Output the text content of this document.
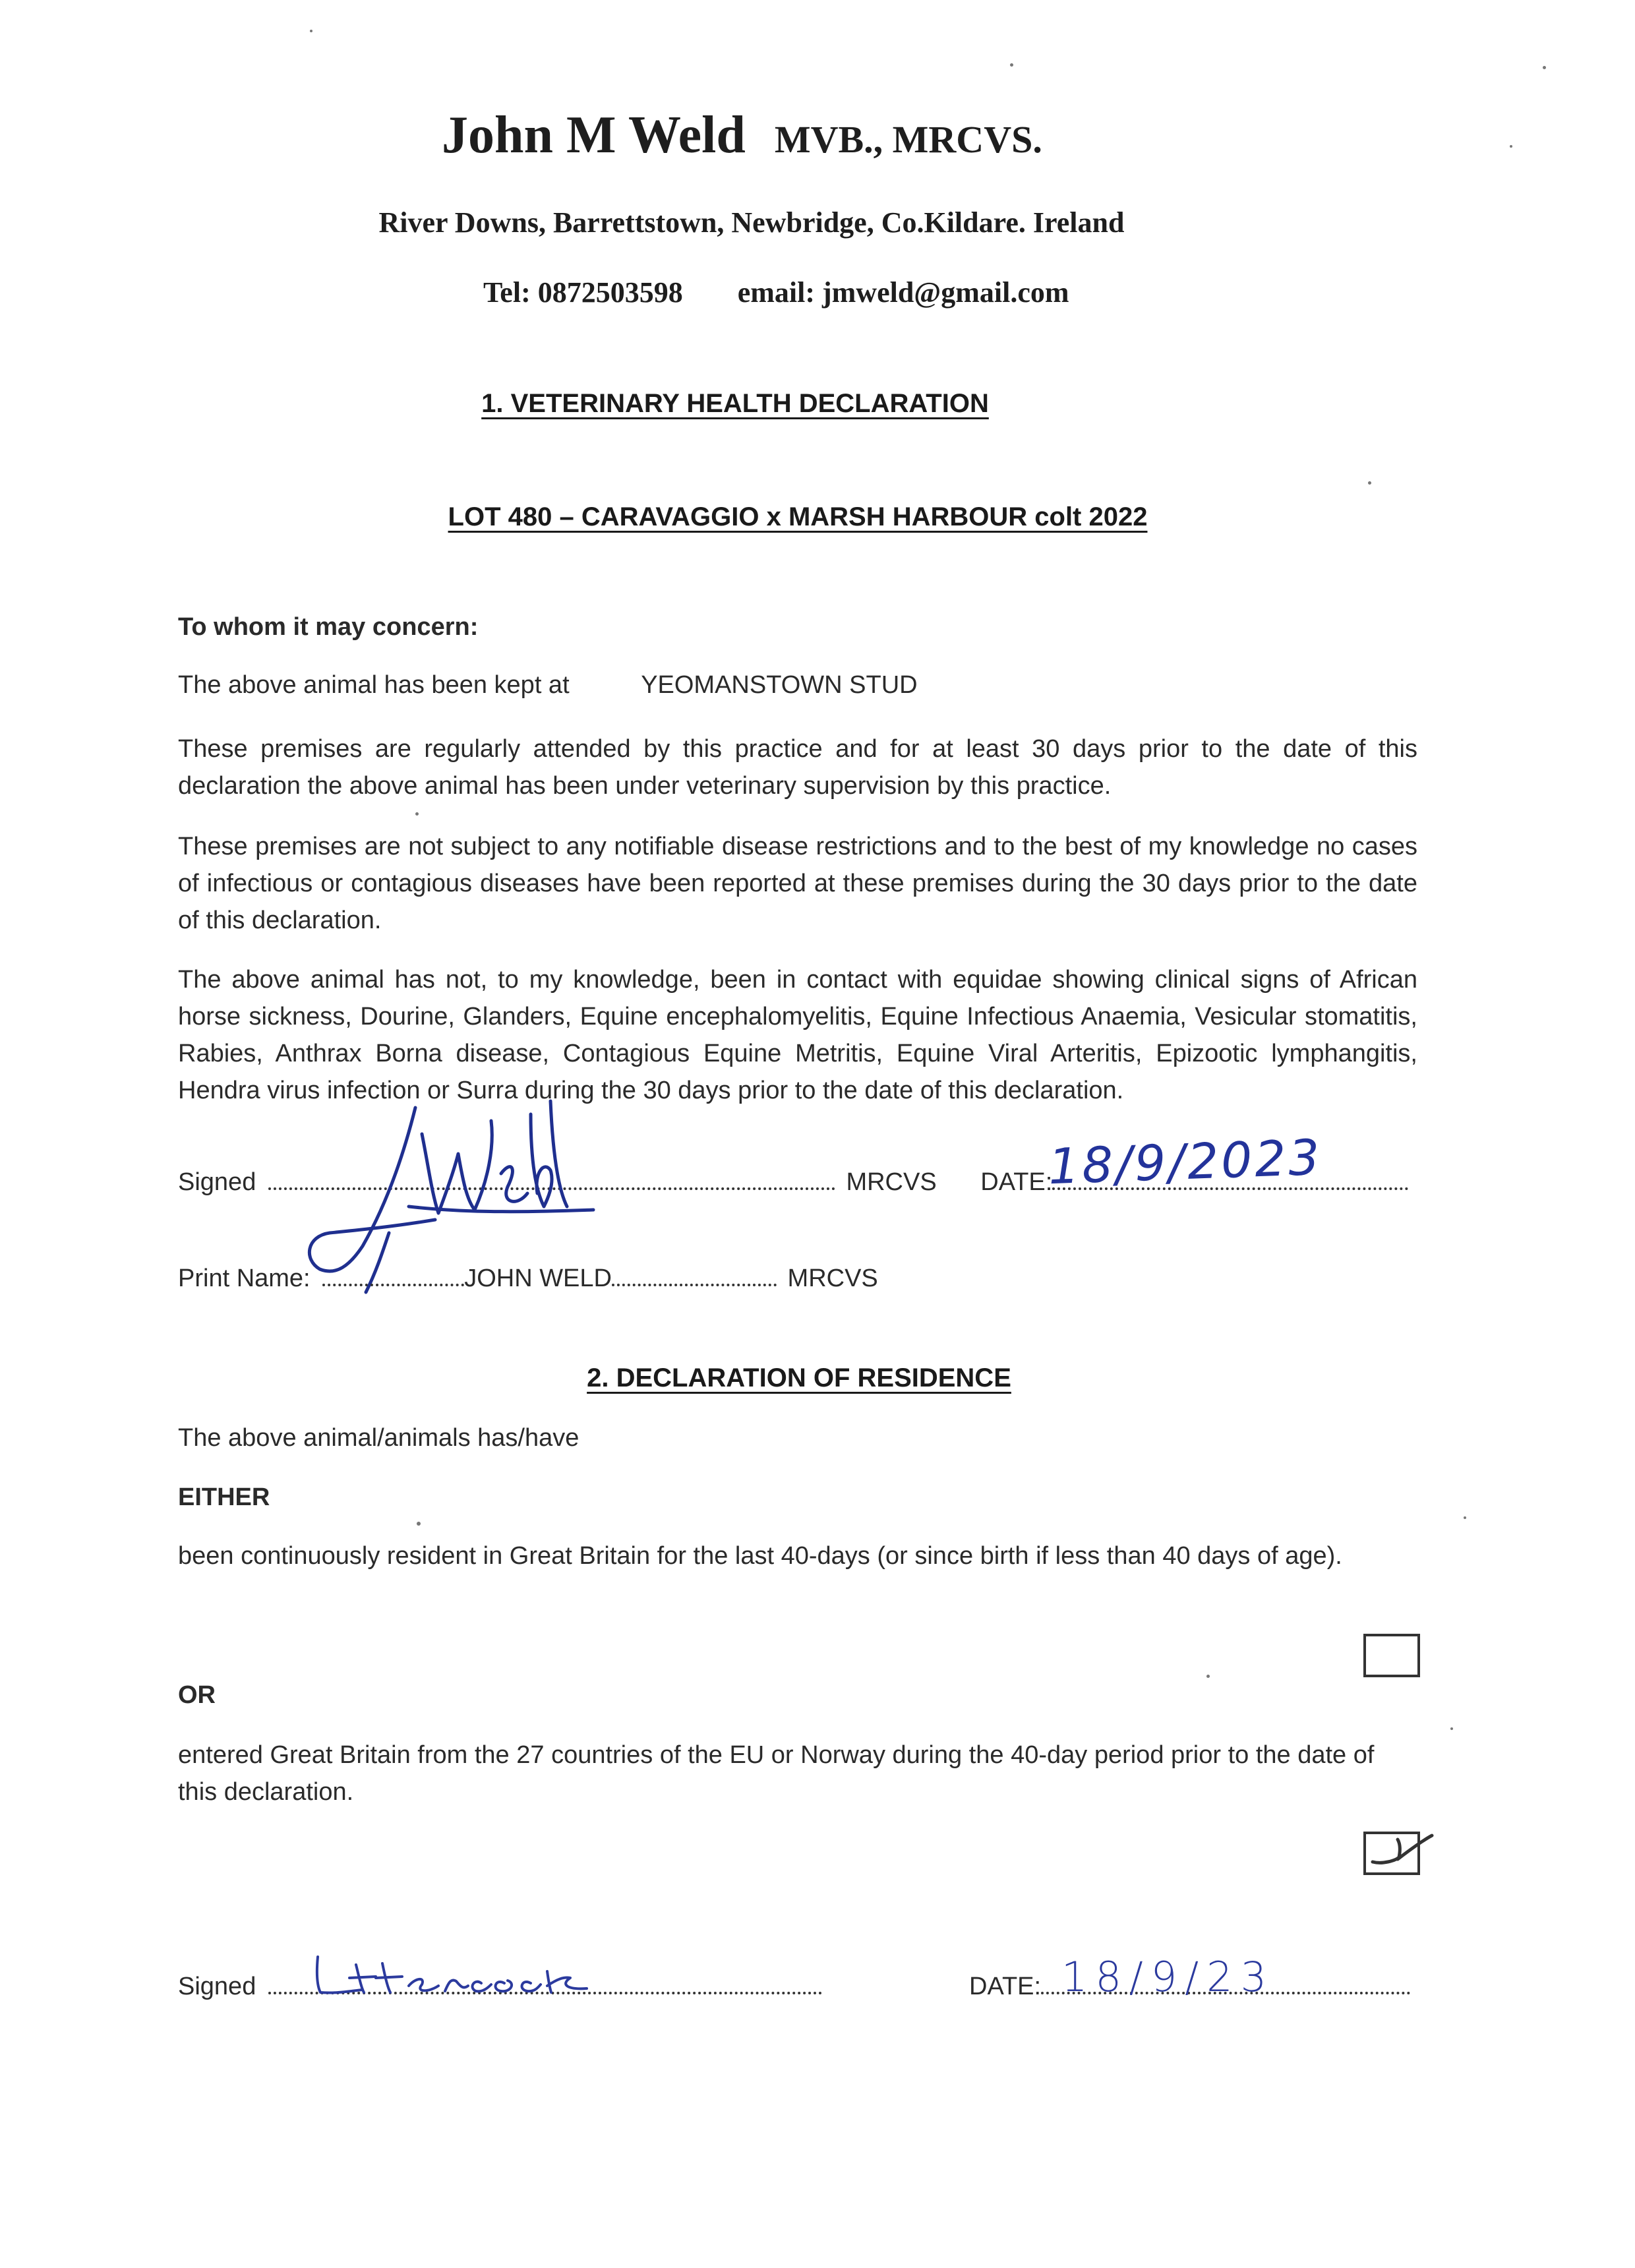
John M Weld MVB., MRCVS.
River Downs, Barrettstown, Newbridge, Co.Kildare. Ireland
Tel: 0872503598 email: jmweld@gmail.com
1. VETERINARY HEALTH DECLARATION
LOT 480 – CARAVAGGIO x MARSH HARBOUR colt 2022
To whom it may concern:
The above animal has been kept at	YEOMANSTOWN STUD
These premises are regularly attended by this practice and for at least 30 days prior to the date of this declaration the above animal has been under veterinary supervision by this practice.
These premises are not subject to any notifiable disease restrictions and to the best of my knowledge no cases of infectious or contagious diseases have been reported at these premises during the 30 days prior to the date of this declaration.
The above animal has not, to my knowledge, been in contact with equidae showing clinical signs of African horse sickness, Dourine, Glanders, Equine encephalomyelitis, Equine Infectious Anaemia, Vesicular stomatitis, Rabies, Anthrax Borna disease, Contagious Equine Metritis, Equine Viral Arteritis, Epizootic lymphangitis, Hendra virus infection or Surra during the 30 days prior to the date of this declaration.
Signed	MRCVS DATE:
18/9/2023
Print Name:	JOHN WELD	MRCVS
2. DECLARATION OF RESIDENCE
The above animal/animals has/have
EITHER
been continuously resident in Great Britain for the last 40-days (or since birth if less than 40 days of age).
OR
entered Great Britain from the 27 countries of the EU or Norway during the 40-day period prior to the date of this declaration.
Signed	DATE: 18/9/23
